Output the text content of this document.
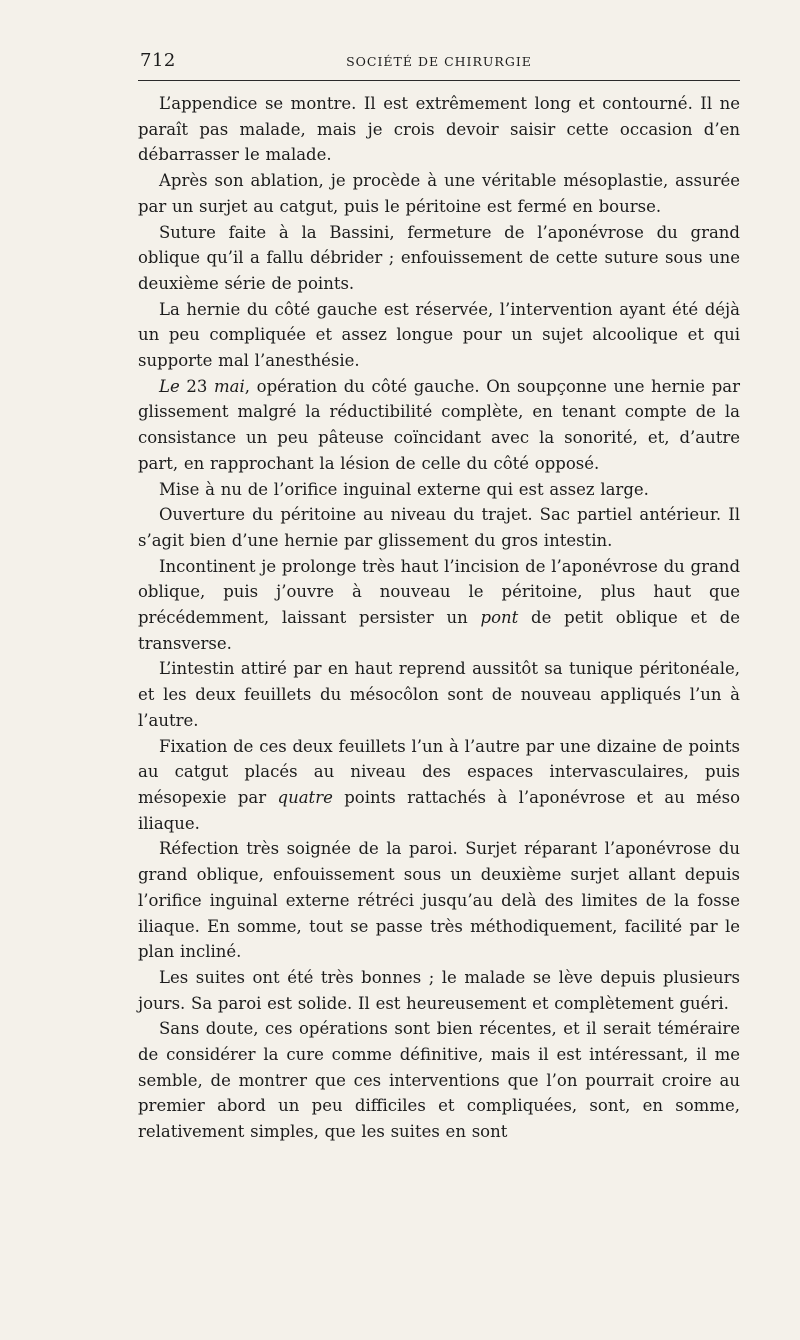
712	SOCIÉTÉ DE CHIRURGIE

L’appendice se montre. Il est extrêmement long et contourné. Il ne paraît pas malade, mais je crois devoir saisir cette occasion d’en débarrasser le malade.

Après son ablation, je procède à une véritable mésoplastie, assurée par un surjet au catgut, puis le péritoine est fermé en bourse.

Suture faite à la Bassini, fermeture de l’aponévrose du grand oblique qu’il a fallu débrider ; enfouissement de cette suture sous une deuxième série de points.

La hernie du côté gauche est réservée, l’intervention ayant été déjà un peu compliquée et assez longue pour un sujet alcoolique et qui supporte mal l’anesthésie.

Le 23 mai, opération du côté gauche. On soupçonne une hernie par glissement malgré la réductibilité complète, en tenant compte de la consistance un peu pâteuse coïncidant avec la sonorité, et, d’autre part, en rapprochant la lésion de celle du côté opposé.

Mise à nu de l’orifice inguinal externe qui est assez large.

Ouverture du péritoine au niveau du trajet. Sac partiel antérieur. Il s’agit bien d’une hernie par glissement du gros intestin.

Incontinent je prolonge très haut l’incision de l’aponévrose du grand oblique, puis j’ouvre à nouveau le péritoine, plus haut que précédemment, laissant persister un pont de petit oblique et de transverse.

L’intestin attiré par en haut reprend aussitôt sa tunique péritonéale, et les deux feuillets du mésocôlon sont de nouveau appliqués l’un à l’autre.

Fixation de ces deux feuillets l’un à l’autre par une dizaine de points au catgut placés au niveau des espaces intervasculaires, puis mésopexie par quatre points rattachés à l’aponévrose et au méso iliaque.

Réfection très soignée de la paroi. Surjet réparant l’aponévrose du grand oblique, enfouissement sous un deuxième surjet allant depuis l’orifice inguinal externe rétréci jusqu’au delà des limites de la fosse iliaque. En somme, tout se passe très méthodiquement, facilité par le plan incliné.

Les suites ont été très bonnes ; le malade se lève depuis plusieurs jours. Sa paroi est solide. Il est heureusement et complètement guéri.

Sans doute, ces opérations sont bien récentes, et il serait téméraire de considérer la cure comme définitive, mais il est intéressant, il me semble, de montrer que ces interventions que l’on pourrait croire au premier abord un peu difficiles et compliquées, sont, en somme, relativement simples, que les suites en sont
